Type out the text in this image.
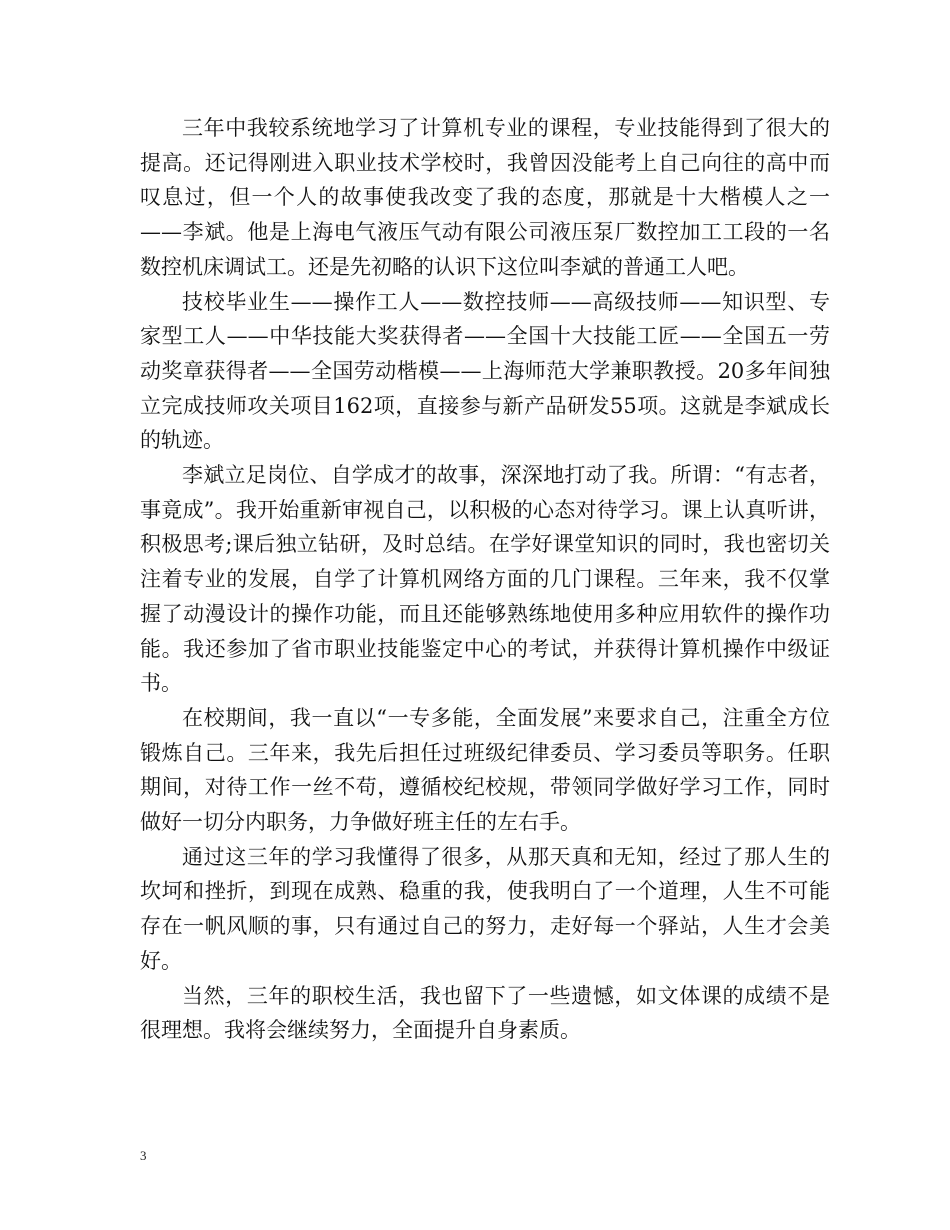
三年中我较系统地学习了计算机专业的课程，专业技能得到了很大的提高。还记得刚进入职业技术学校时，我曾因没能考上自己向往的高中而叹息过，但一个人的故事使我改变了我的态度，那就是十大楷模人之一——李斌。他是上海电气液压气动有限公司液压泵厂数控加工工段的一名数控机床调试工。还是先初略的认识下这位叫李斌的普通工人吧。

技校毕业生——操作工人——数控技师——高级技师——知识型、专家型工人——中华技能大奖获得者——全国十大技能工匠——全国五一劳动奖章获得者——全国劳动楷模——上海师范大学兼职教授。20多年间独立完成技师攻关项目162项，直接参与新产品研发55项。这就是李斌成长的轨迹。

李斌立足岗位、自学成才的故事，深深地打动了我。所谓：“有志者，事竟成”。我开始重新审视自己，以积极的心态对待学习。课上认真听讲，积极思考;课后独立钻研，及时总结。在学好课堂知识的同时，我也密切关注着专业的发展，自学了计算机网络方面的几门课程。三年来，我不仅掌握了动漫设计的操作功能，而且还能够熟练地使用多种应用软件的操作功能。我还参加了省市职业技能鉴定中心的考试，并获得计算机操作中级证书。

在校期间，我一直以“一专多能，全面发展”来要求自己，注重全方位锻炼自己。三年来，我先后担任过班级纪律委员、学习委员等职务。任职期间，对待工作一丝不苟，遵循校纪校规，带领同学做好学习工作，同时做好一切分内职务，力争做好班主任的左右手。

通过这三年的学习我懂得了很多，从那天真和无知，经过了那人生的坎坷和挫折，到现在成熟、稳重的我，使我明白了一个道理，人生不可能存在一帆风顺的事，只有通过自己的努力，走好每一个驿站，人生才会美好。

当然，三年的职校生活，我也留下了一些遗憾，如文体课的成绩不是很理想。我将会继续努力，全面提升自身素质。

3
